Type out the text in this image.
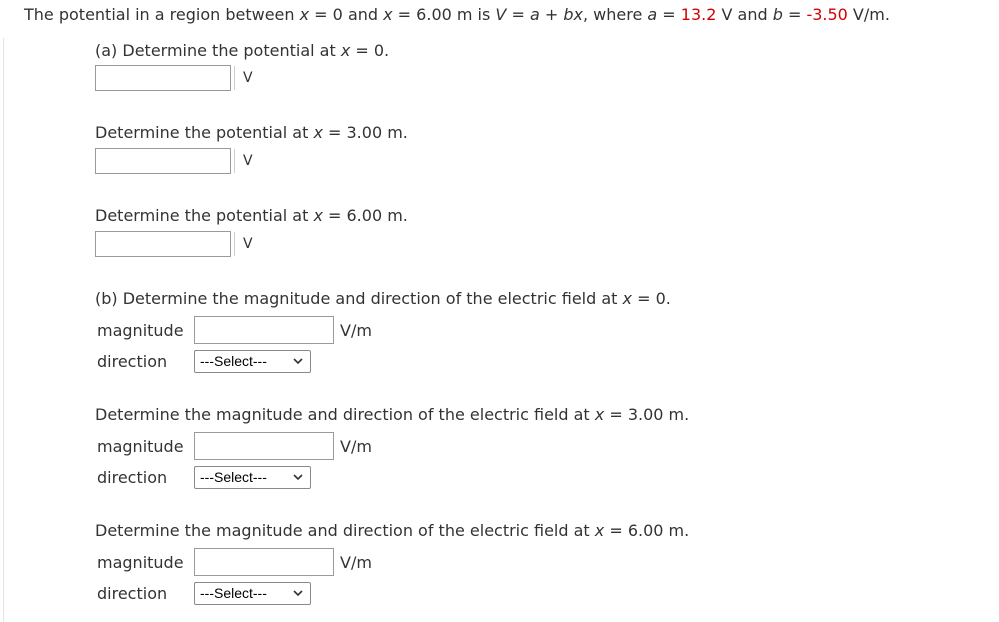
The potential in a region between x = 0 and x = 6.00 m is V = a + bx, where a = 13.2 V and b = -3.50 V/m.
(a) Determine the potential at x = 0.
V
Determine the potential at x = 3.00 m.
V
Determine the potential at x = 6.00 m.
V
(b) Determine the magnitude and direction of the electric field at x = 0.
magnitude	V/m
direction	---Select---
Determine the magnitude and direction of the electric field at x = 3.00 m.
magnitude	V/m
direction	---Select---
Determine the magnitude and direction of the electric field at x = 6.00 m.
magnitude	V/m
direction	---Select---
